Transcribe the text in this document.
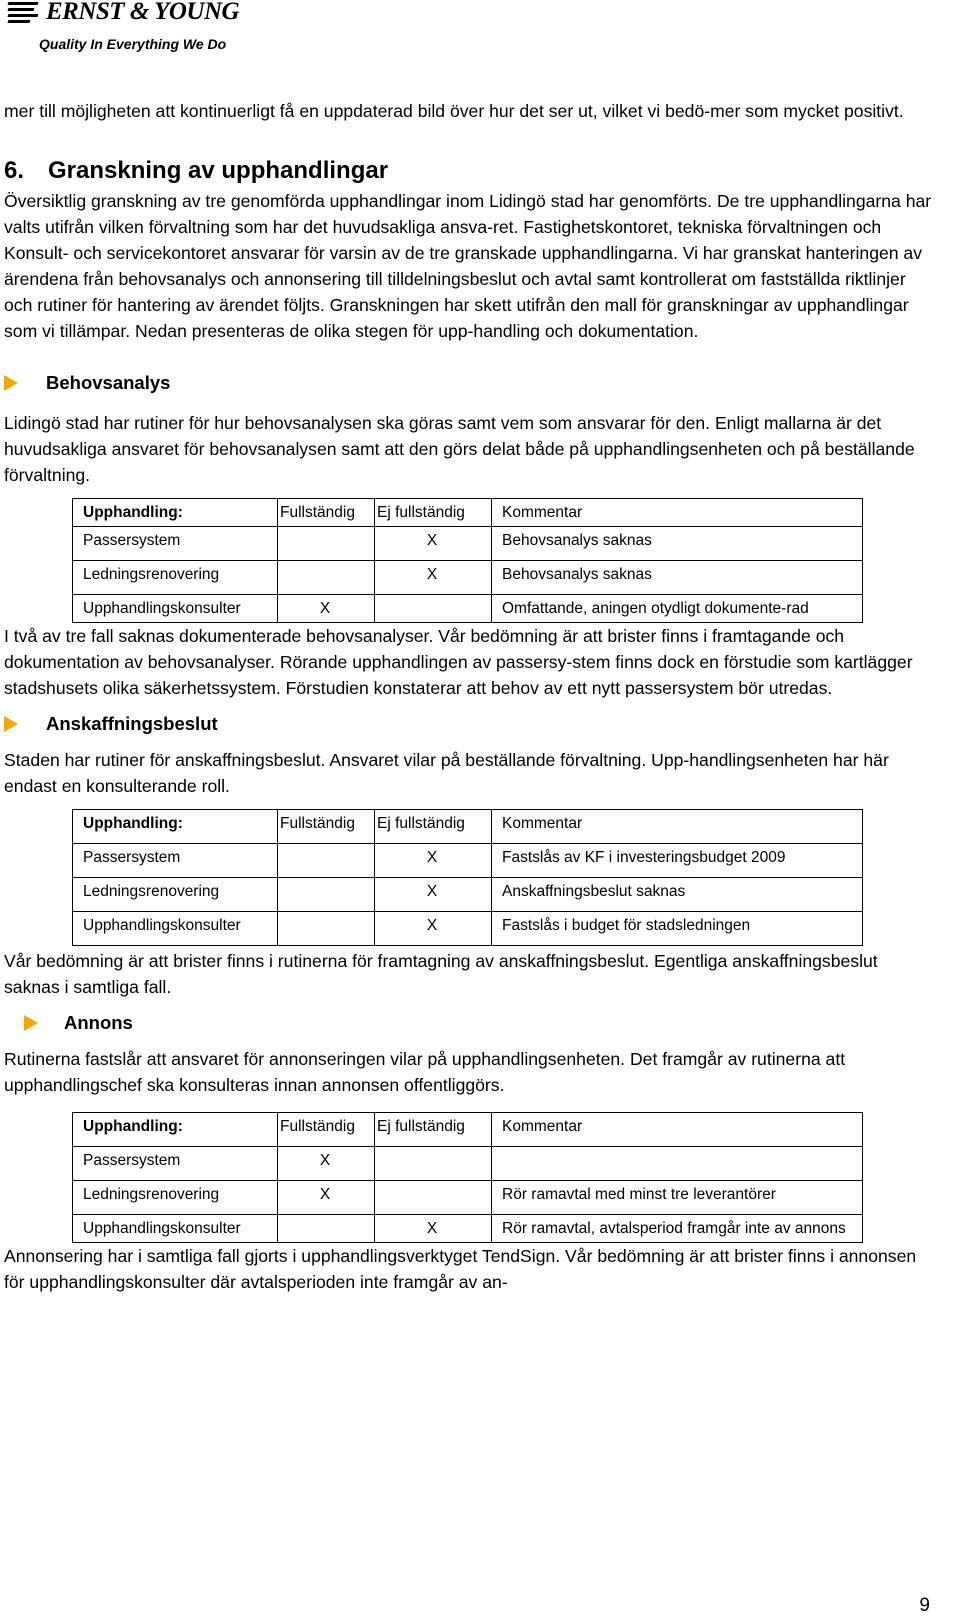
ERNST & YOUNG
Quality In Everything We Do

mer till möjligheten att kontinuerligt få en uppdaterad bild över hur det ser ut, vilket vi bedö-mer som mycket positivt.

6. Granskning av upphandlingar

Översiktlig granskning av tre genomförda upphandlingar inom Lidingö stad har genomförts. De tre upphandlingarna har valts utifrån vilken förvaltning som har det huvudsakliga ansva-ret. Fastighetskontoret, tekniska förvaltningen och Konsult- och servicekontoret ansvarar för varsin av de tre granskade upphandlingarna. Vi har granskat hanteringen av ärendena från behovsanalys och annonsering till tilldelningsbeslut och avtal samt kontrollerat om fastställda riktlinjer och rutiner för hantering av ärendet följts. Granskningen har skett utifrån den mall för granskningar av upphandlingar som vi tillämpar. Nedan presenteras de olika stegen för upp-handling och dokumentation.

Behovsanalys

Lidingö stad har rutiner för hur behovsanalysen ska göras samt vem som ansvarar för den. Enligt mallarna är det huvudsakliga ansvaret för behovsanalysen samt att den görs delat både på upphandlingsenheten och på beställande förvaltning.

Upphandling:	Fullständig	Ej fullständig	Kommentar
Passersystem		X	Behovsanalys saknas
Ledningsrenovering		X	Behovsanalys saknas
Upphandlingskonsulter	X		Omfattande, aningen otydligt dokumente-rad

I två av tre fall saknas dokumenterade behovsanalyser. Vår bedömning är att brister finns i framtagande och dokumentation av behovsanalyser. Rörande upphandlingen av passersy-stem finns dock en förstudie som kartlägger stadshusets olika säkerhetssystem. Förstudien konstaterar att behov av ett nytt passersystem bör utredas.

Anskaffningsbeslut

Staden har rutiner för anskaffningsbeslut. Ansvaret vilar på beställande förvaltning. Upp-handlingsenheten har här endast en konsulterande roll.

Upphandling:	Fullständig	Ej fullständig	Kommentar
Passersystem		X	Fastslås av KF i investeringsbudget 2009
Ledningsrenovering		X	Anskaffningsbeslut saknas
Upphandlingskonsulter		X	Fastslås i budget för stadsledningen

Vår bedömning är att brister finns i rutinerna för framtagning av anskaffningsbeslut. Egentliga anskaffningsbeslut saknas i samtliga fall.

Annons

Rutinerna fastslår att ansvaret för annonseringen vilar på upphandlingsenheten. Det framgår av rutinerna att upphandlingschef ska konsulteras innan annonsen offentliggörs.

Upphandling:	Fullständig	Ej fullständig	Kommentar
Passersystem	X		
Ledningsrenovering	X		Rör ramavtal med minst tre leverantörer
Upphandlingskonsulter		X	Rör ramavtal, avtalsperiod framgår inte av annons

Annonsering har i samtliga fall gjorts i upphandlingsverktyget TendSign. Vår bedömning är att brister finns i annonsen för upphandlingskonsulter där avtalsperioden inte framgår av an-

9
